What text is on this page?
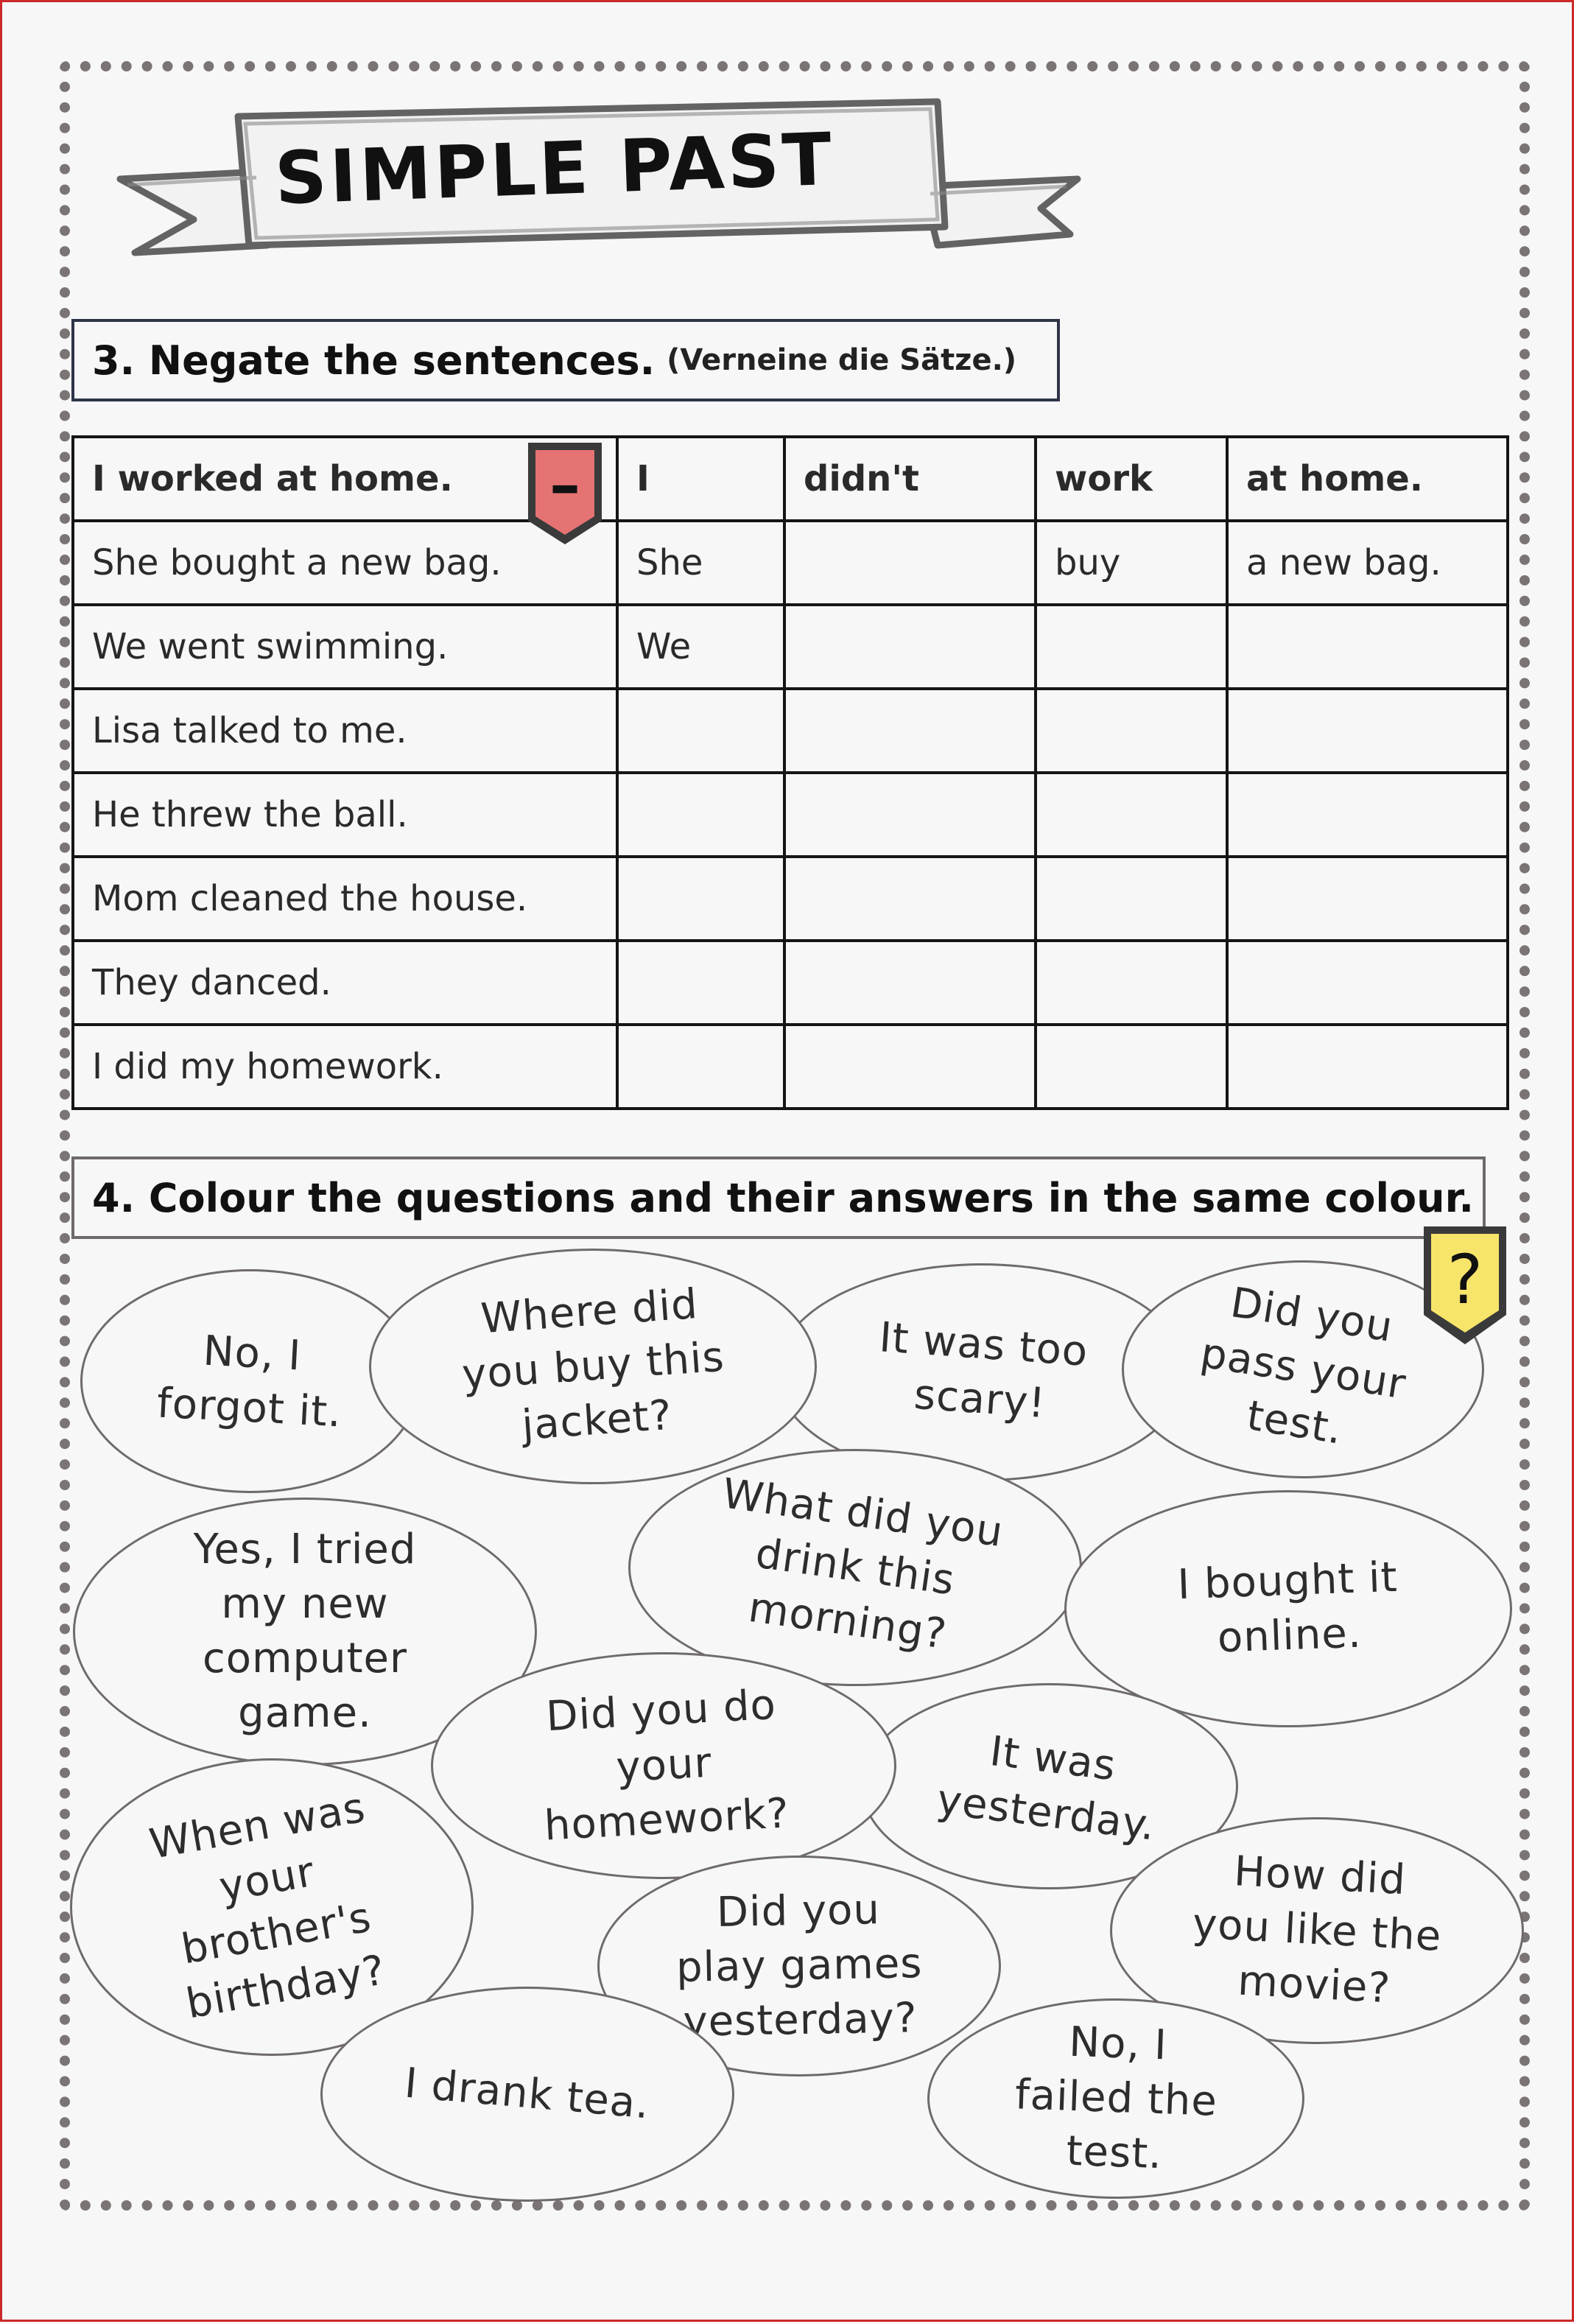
SIMPLE PAST
3. Negate the sentences. (Verneine die Sätze.)
I worked at home.	I	didn't	work	at home.
She bought a new bag.	She		buy	a new bag.
We went swimming.	We			
Lisa talked to me.				
He threw the ball.				
Mom cleaned the house.				
They danced.				
I did my homework.				
–
4. Colour the questions and their answers in the same colour.
No, I
forgot it.
It was too
scary!
Where did
you buy this
jacket?
Did you
pass your
test.
What did you
drink this
morning?
Yes, I tried
my new
computer
game.
I bought it
online.
It was
yesterday.
Did you do
your
homework?
When was
your
brother's
birthday?
How did
you like the
movie?
Did you
play games
yesterday?
I drank tea.
No, I
failed the
test.
?
